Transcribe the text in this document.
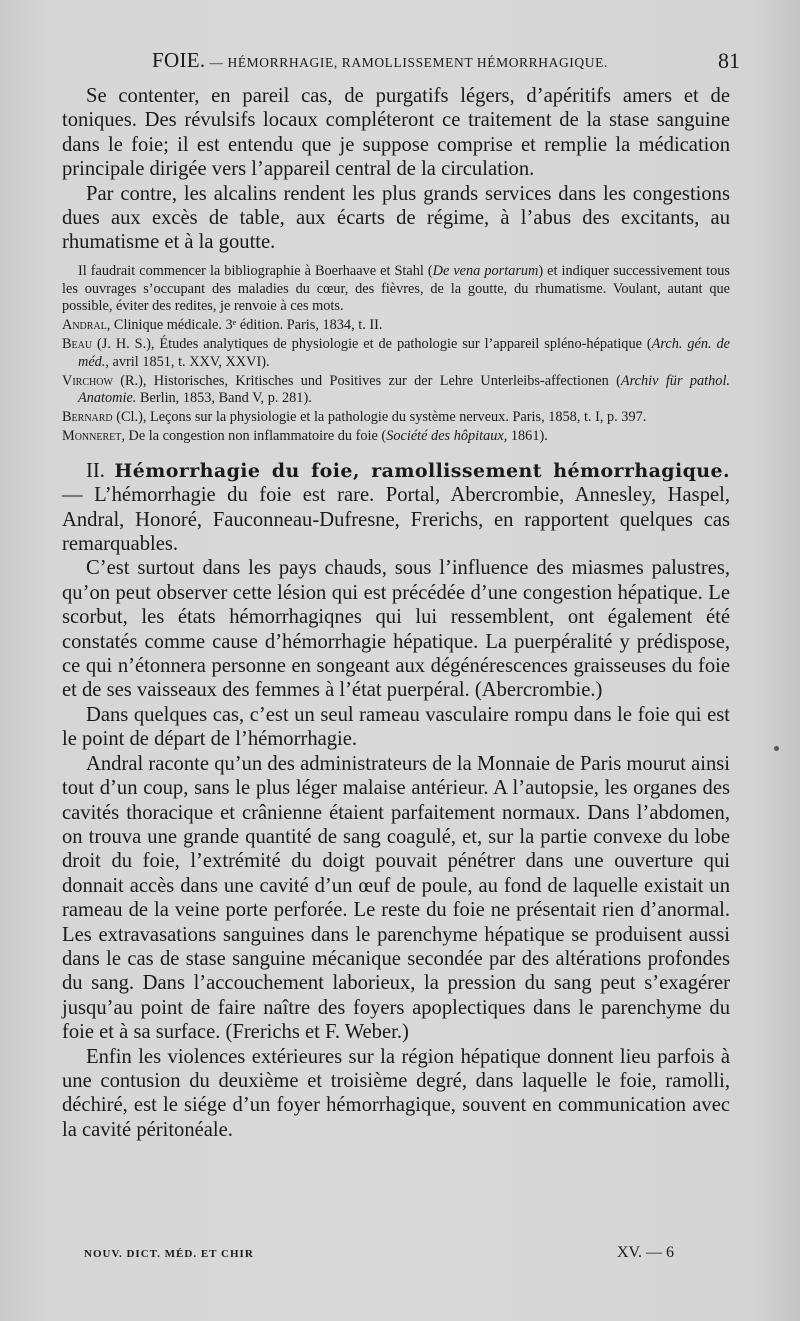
FOIE. — HÉMORRHAGIE, RAMOLLISSEMENT HÉMORRHAGIQUE.	81

Se contenter, en pareil cas, de purgatifs légers, d’apéritifs amers et de toniques. Des révulsifs locaux compléteront ce traitement de la stase sanguine dans le foie; il est entendu que je suppose comprise et remplie la médication principale dirigée vers l’appareil central de la circulation.

Par contre, les alcalins rendent les plus grands services dans les congestions dues aux excès de table, aux écarts de régime, à l’abus des excitants, au rhumatisme et à la goutte.

Il faudrait commencer la bibliographie à Boerhaave et Stahl (De vena portarum) et indiquer successivement tous les ouvrages s’occupant des maladies du cœur, des fièvres, de la goutte, du rhumatisme. Voulant, autant que possible, éviter des redites, je renvoie à ces mots.

Andral, Clinique médicale. 3ᵉ édition. Paris, 1834, t. II.

Beau (J. H. S.), Études analytiques de physiologie et de pathologie sur l’appareil spléno-hépatique (Arch. gén. de méd., avril 1851, t. XXV, XXVI).

Virchow (R.), Historisches, Kritisches und Positives zur der Lehre Unterleibs-affectionen (Archiv für pathol. Anatomie. Berlin, 1853, Band V, p. 281).

Bernard (Cl.), Leçons sur la physiologie et la pathologie du système nerveux. Paris, 1858, t. I, p. 397.

Monneret, De la congestion non inflammatoire du foie (Société des hôpitaux, 1861).

II. Hémorrhagie du foie, ramollissement hémorrhagique. — L’hémorrhagie du foie est rare. Portal, Abercrombie, Annesley, Haspel, Andral, Honoré, Fauconneau-Dufresne, Frerichs, en rapportent quelques cas remarquables.

C’est surtout dans les pays chauds, sous l’influence des miasmes palustres, qu’on peut observer cette lésion qui est précédée d’une congestion hépatique. Le scorbut, les états hémorrhagiqnes qui lui ressemblent, ont également été constatés comme cause d’hémorrhagie hépatique. La puerpéralité y prédispose, ce qui n’étonnera personne en songeant aux dégénérescences graisseuses du foie et de ses vaisseaux des femmes à l’état puerpéral. (Abercrombie.)

Dans quelques cas, c’est un seul rameau vasculaire rompu dans le foie qui est le point de départ de l’hémorrhagie.

Andral raconte qu’un des administrateurs de la Monnaie de Paris mourut ainsi tout d’un coup, sans le plus léger malaise antérieur. A l’autopsie, les organes des cavités thoracique et crânienne étaient parfaitement normaux. Dans l’abdomen, on trouva une grande quantité de sang coagulé, et, sur la partie convexe du lobe droit du foie, l’extrémité du doigt pouvait pénétrer dans une ouverture qui donnait accès dans une cavité d’un œuf de poule, au fond de laquelle existait un rameau de la veine porte perforée. Le reste du foie ne présentait rien d’anormal. Les extravasations sanguines dans le parenchyme hépatique se produisent aussi dans le cas de stase sanguine mécanique secondée par des altérations profondes du sang. Dans l’accouchement laborieux, la pression du sang peut s’exagérer jusqu’au point de faire naître des foyers apoplectiques dans le parenchyme du foie et à sa surface. (Frerichs et F. Weber.)

Enfin les violences extérieures sur la région hépatique donnent lieu parfois à une contusion du deuxième et troisième degré, dans laquelle le foie, ramolli, déchiré, est le siége d’un foyer hémorrhagique, souvent en communication avec la cavité péritonéale.

NOUV. DICT. MÉD. ET CHIR	XV. — 6
